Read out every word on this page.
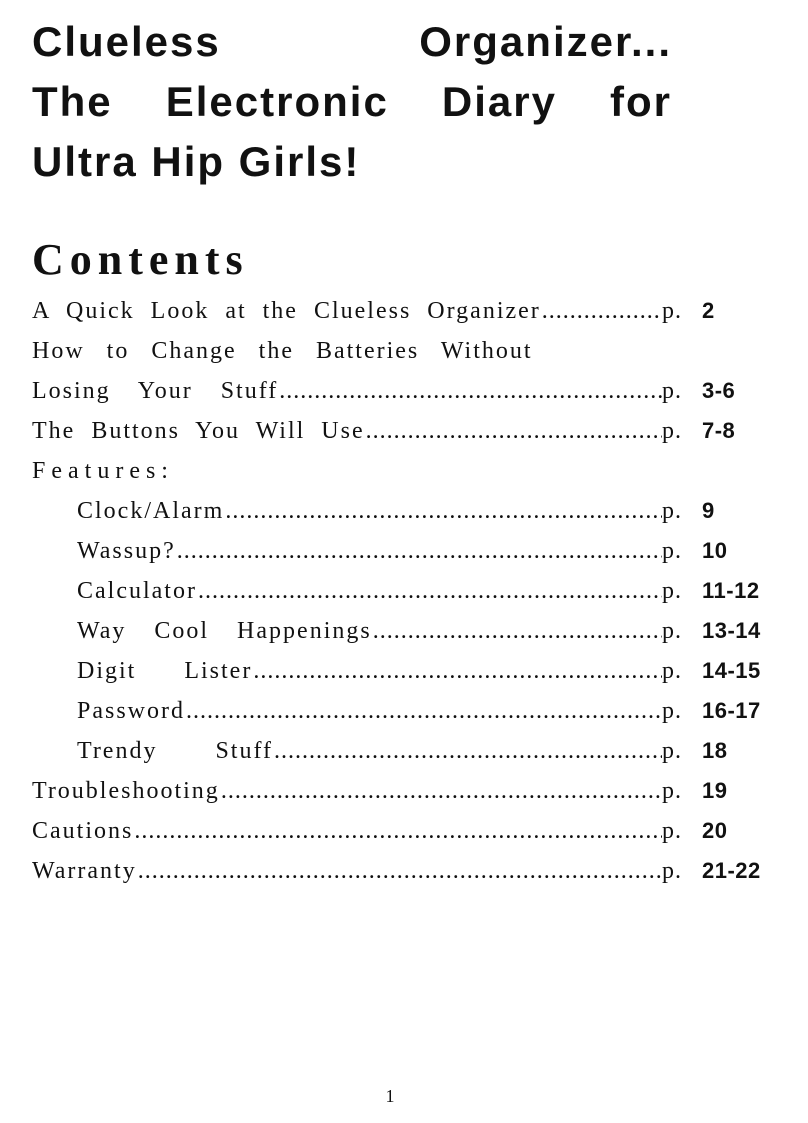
Clueless Organizer...
The Electronic Diary for
Ultra Hip Girls!
Contents
A Quick Look at the Clueless Organizer .....	p. 2
How to Change the Batteries Without
Losing Your Stuff .....	p. 3-6
The Buttons You Will Use .....	p. 7-8
Features:
Clock/Alarm .....	p. 9
Wassup? .....	p. 10
Calculator .....	p. 11-12
Way Cool Happenings .....	p. 13-14
Digit Lister .....	p. 14-15
Password .....	p. 16-17
Trendy Stuff .....	p. 18
Troubleshooting .....	p. 19
Cautions .....	p. 20
Warranty .....	p. 21-22
1
